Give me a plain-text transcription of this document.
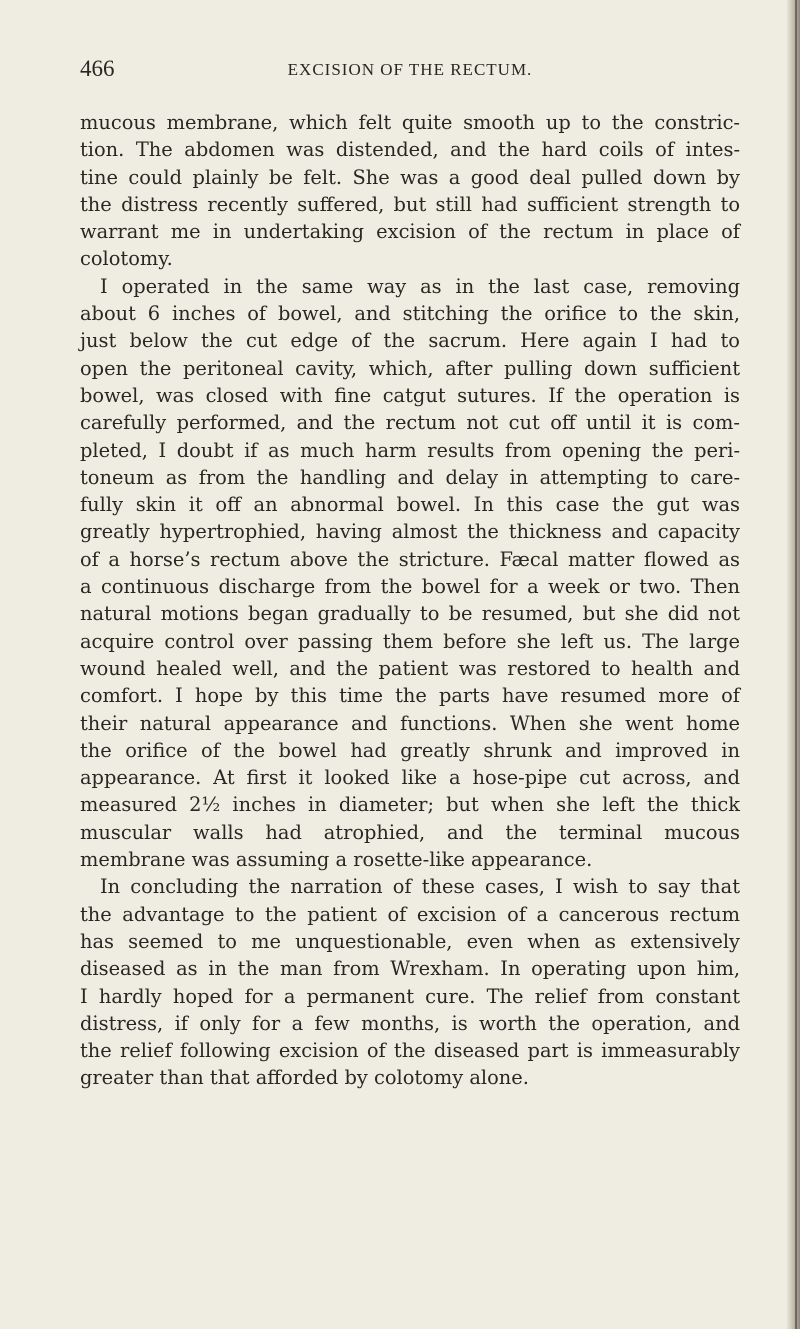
466	EXCISION OF THE RECTUM.
mucous membrane, which felt quite smooth up to the constric-
tion. The abdomen was distended, and the hard coils of intes-
tine could plainly be felt. She was a good deal pulled down by
the distress recently suffered, but still had sufficient strength to
warrant me in undertaking excision of the rectum in place of
colotomy.
I operated in the same way as in the last case, removing
about 6 inches of bowel, and stitching the orifice to the skin,
just below the cut edge of the sacrum. Here again I had to
open the peritoneal cavity, which, after pulling down sufficient
bowel, was closed with fine catgut sutures. If the operation is
carefully performed, and the rectum not cut off until it is com-
pleted, I doubt if as much harm results from opening the peri-
toneum as from the handling and delay in attempting to care-
fully skin it off an abnormal bowel. In this case the gut was
greatly hypertrophied, having almost the thickness and capacity
of a horse’s rectum above the stricture. Fæcal matter flowed as
a continuous discharge from the bowel for a week or two. Then
natural motions began gradually to be resumed, but she did not
acquire control over passing them before she left us. The large
wound healed well, and the patient was restored to health and
comfort. I hope by this time the parts have resumed more of
their natural appearance and functions. When she went home
the orifice of the bowel had greatly shrunk and improved in
appearance. At first it looked like a hose-pipe cut across, and
measured 2½ inches in diameter; but when she left the thick
muscular walls had atrophied, and the terminal mucous
membrane was assuming a rosette-like appearance.
In concluding the narration of these cases, I wish to say that
the advantage to the patient of excision of a cancerous rectum
has seemed to me unquestionable, even when as extensively
diseased as in the man from Wrexham. In operating upon him,
I hardly hoped for a permanent cure. The relief from constant
distress, if only for a few months, is worth the operation, and
the relief following excision of the diseased part is immeasurably
greater than that afforded by colotomy alone.
